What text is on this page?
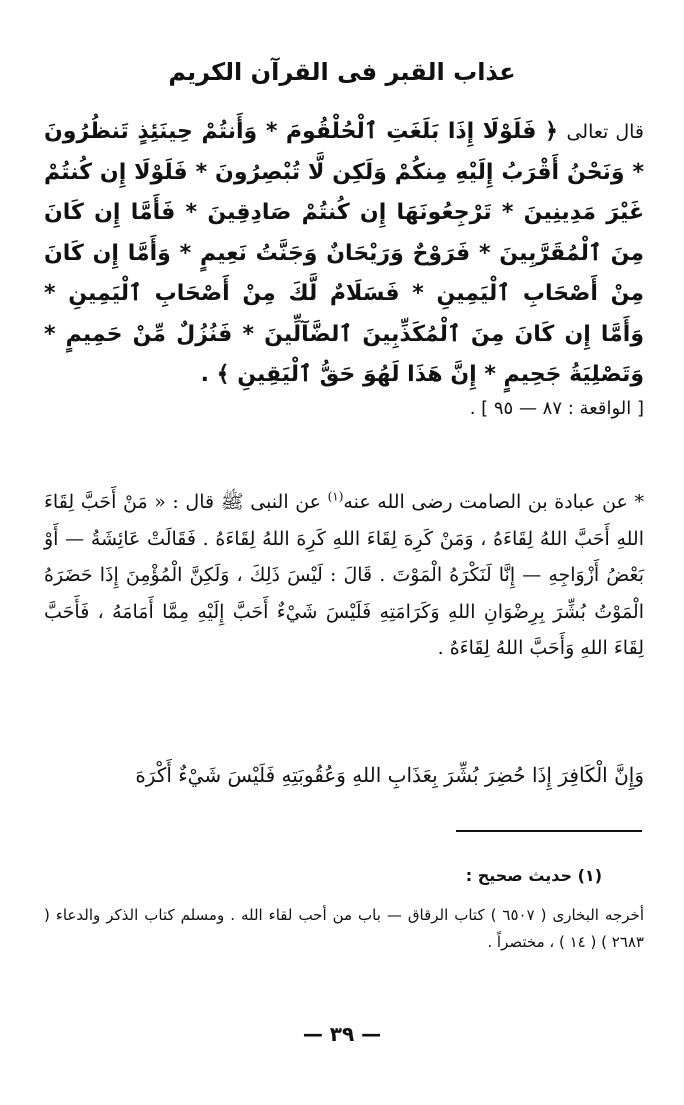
عذاب القبر فى القرآن الكريم
قال تعالى ﴿ فَلَوْلَا إِذَا بَلَغَتِ ٱلْحُلْقُومَ * وَأَنتُمْ حِينَئِذٍ تَنظُرُونَ * وَنَحْنُ أَقْرَبُ إِلَيْهِ مِنكُمْ وَلَكِن لَّا تُبْصِرُونَ * فَلَوْلَا إِن كُنتُمْ غَيْرَ مَدِينِينَ * تَرْجِعُونَهَا إِن كُنتُمْ صَادِقِينَ * فَأَمَّا إِن كَانَ مِنَ ٱلْمُقَرَّبِينَ * فَرَوْحٌ وَرَيْحَانٌ وَجَنَّتُ نَعِيمٍ * وَأَمَّا إِن كَانَ مِنْ أَصْحَابِ ٱلْيَمِينِ * فَسَلَامٌ لَّكَ مِنْ أَصْحَابِ ٱلْيَمِينِ * وَأَمَّا إِن كَانَ مِنَ ٱلْمُكَذِّبِينَ ٱلضَّآلِّينَ * فَنُزُلٌ مِّنْ حَمِيمٍ * وَتَصْلِيَةُ جَحِيمٍ * إِنَّ هَذَا لَهُوَ حَقُّ ٱلْيَقِينِ ﴾ .
[ الواقعة : ٨٧ — ٩٥ ] .
* عن عبادة بن الصامت رضى الله عنه$^{(١)}$ عن النبى ﷺ قال : « مَنْ أَحَبَّ لِقَاءَ اللهِ أَحَبَّ اللهُ لِقَاءَهُ ، وَمَنْ كَرِهَ لِقَاءَ اللهِ كَرِهَ اللهُ لِقَاءَهُ . فَقَالَتْ عَائِشَةُ — أَوْ بَعْضُ أَزْوَاجِهِ — إِنَّا لَنَكْرَهُ الْمَوْتَ . قَالَ : لَيْسَ ذَلِكَ ، وَلَكِنَّ الْمُؤْمِنَ إِذَا حَضَرَهُ الْمَوْتُ بُشِّرَ بِرِضْوَانِ اللهِ وَكَرَامَتِهِ فَلَيْسَ شَيْءٌ أَحَبَّ إِلَيْهِ مِمَّا أَمَامَهُ ، فَأَحَبَّ لِقَاءَ اللهِ وَأَحَبَّ اللهُ لِقَاءَهُ .
وَإِنَّ الْكَافِرَ إِذَا حُضِرَ بُشِّرَ بِعَذَابِ اللهِ وَعُقُوبَتِهِ فَلَيْسَ شَيْءٌ أَكْرَهَ
(١) حديث صحيح :
أخرجه البخارى ( ٦٥٠٧ ) كتاب الرقاق — باب من أحب لقاء الله . ومسلم كتاب الذكر والدعاء ( ٢٦٨٣ ) ( ١٤ ) ، مختصراً .
— ٣٩ —
